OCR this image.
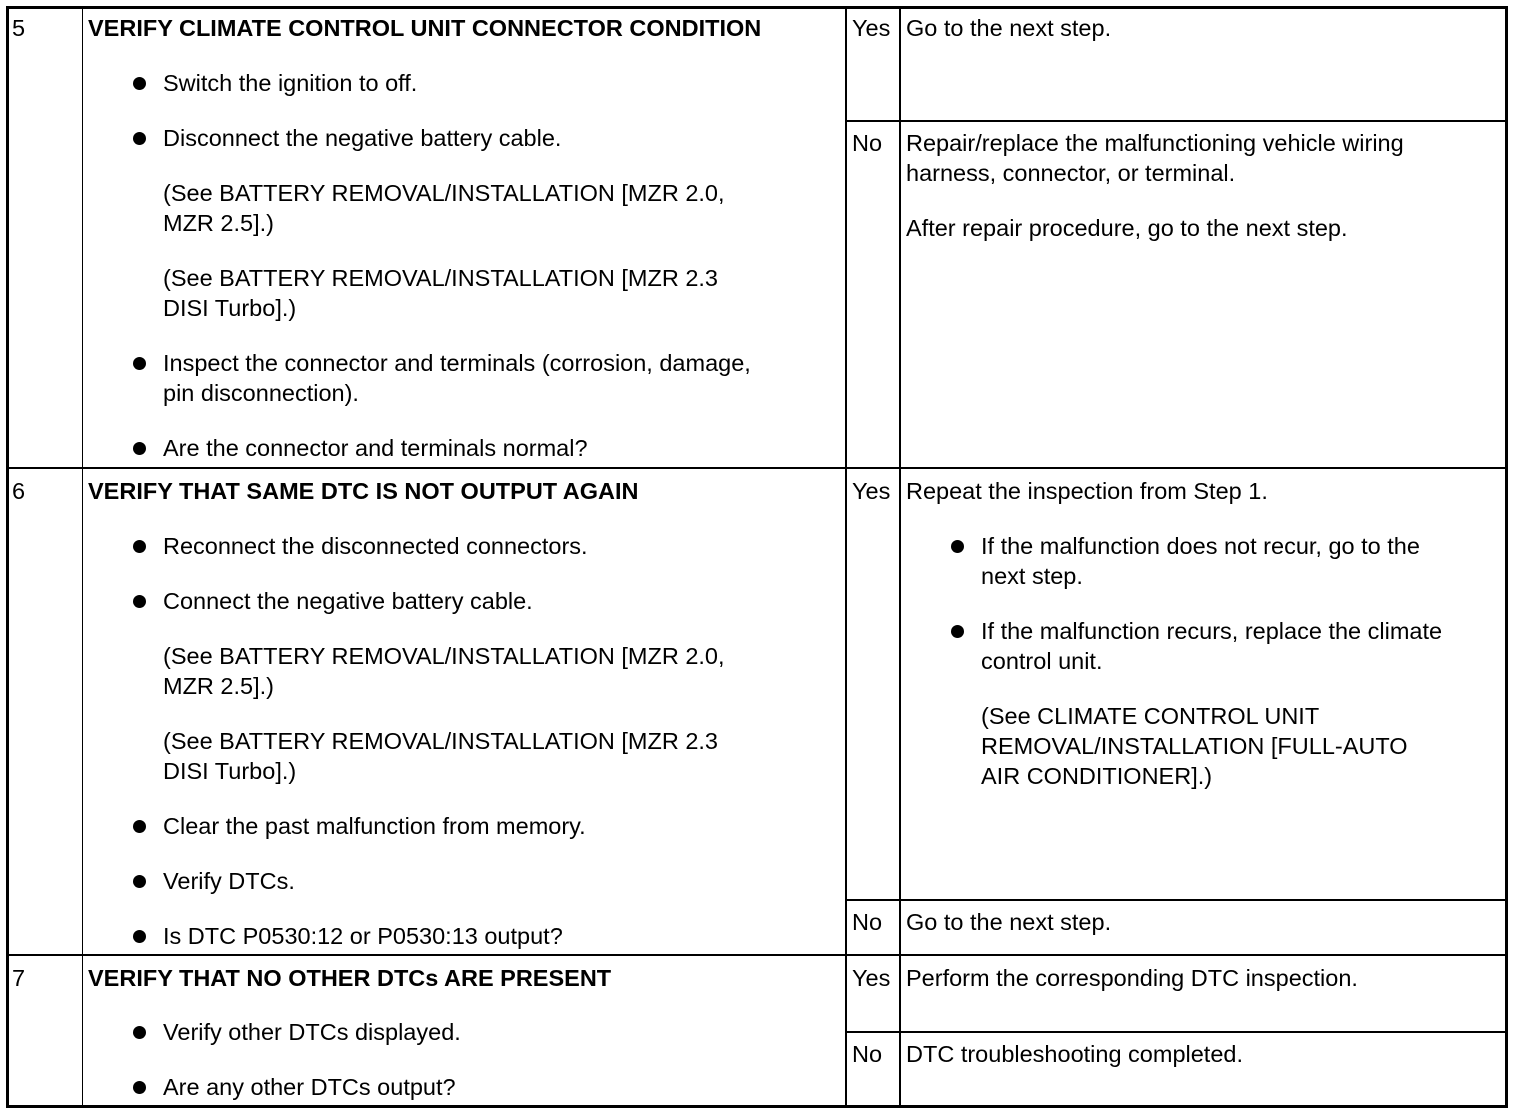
5	VERIFY CLIMATE CONTROL UNIT CONNECTOR CONDITION
Switch the ignition to off.
Disconnect the negative battery cable.
(See BATTERY REMOVAL/INSTALLATION [MZR 2.0,
MZR 2.5].)
(See BATTERY REMOVAL/INSTALLATION [MZR 2.3
DISI Turbo].)
Inspect the connector and terminals (corrosion, damage,
pin disconnection).
Are the connector and terminals normal?
Yes Go to the next step.
No Repair/replace the malfunctioning vehicle wiring
harness, connector, or terminal.
After repair procedure, go to the next step.
6	VERIFY THAT SAME DTC IS NOT OUTPUT AGAIN
Reconnect the disconnected connectors.
Connect the negative battery cable.
(See BATTERY REMOVAL/INSTALLATION [MZR 2.0,
MZR 2.5].)
(See BATTERY REMOVAL/INSTALLATION [MZR 2.3
DISI Turbo].)
Clear the past malfunction from memory.
Verify DTCs.
Is DTC P0530:12 or P0530:13 output?
Yes Repeat the inspection from Step 1.
If the malfunction does not recur, go to the
next step.
If the malfunction recurs, replace the climate
control unit.
(See CLIMATE CONTROL UNIT
REMOVAL/INSTALLATION [FULL-AUTO
AIR CONDITIONER].)
No Go to the next step.
7	VERIFY THAT NO OTHER DTCs ARE PRESENT
Verify other DTCs displayed.
Are any other DTCs output?
Yes Perform the corresponding DTC inspection.
No DTC troubleshooting completed.
